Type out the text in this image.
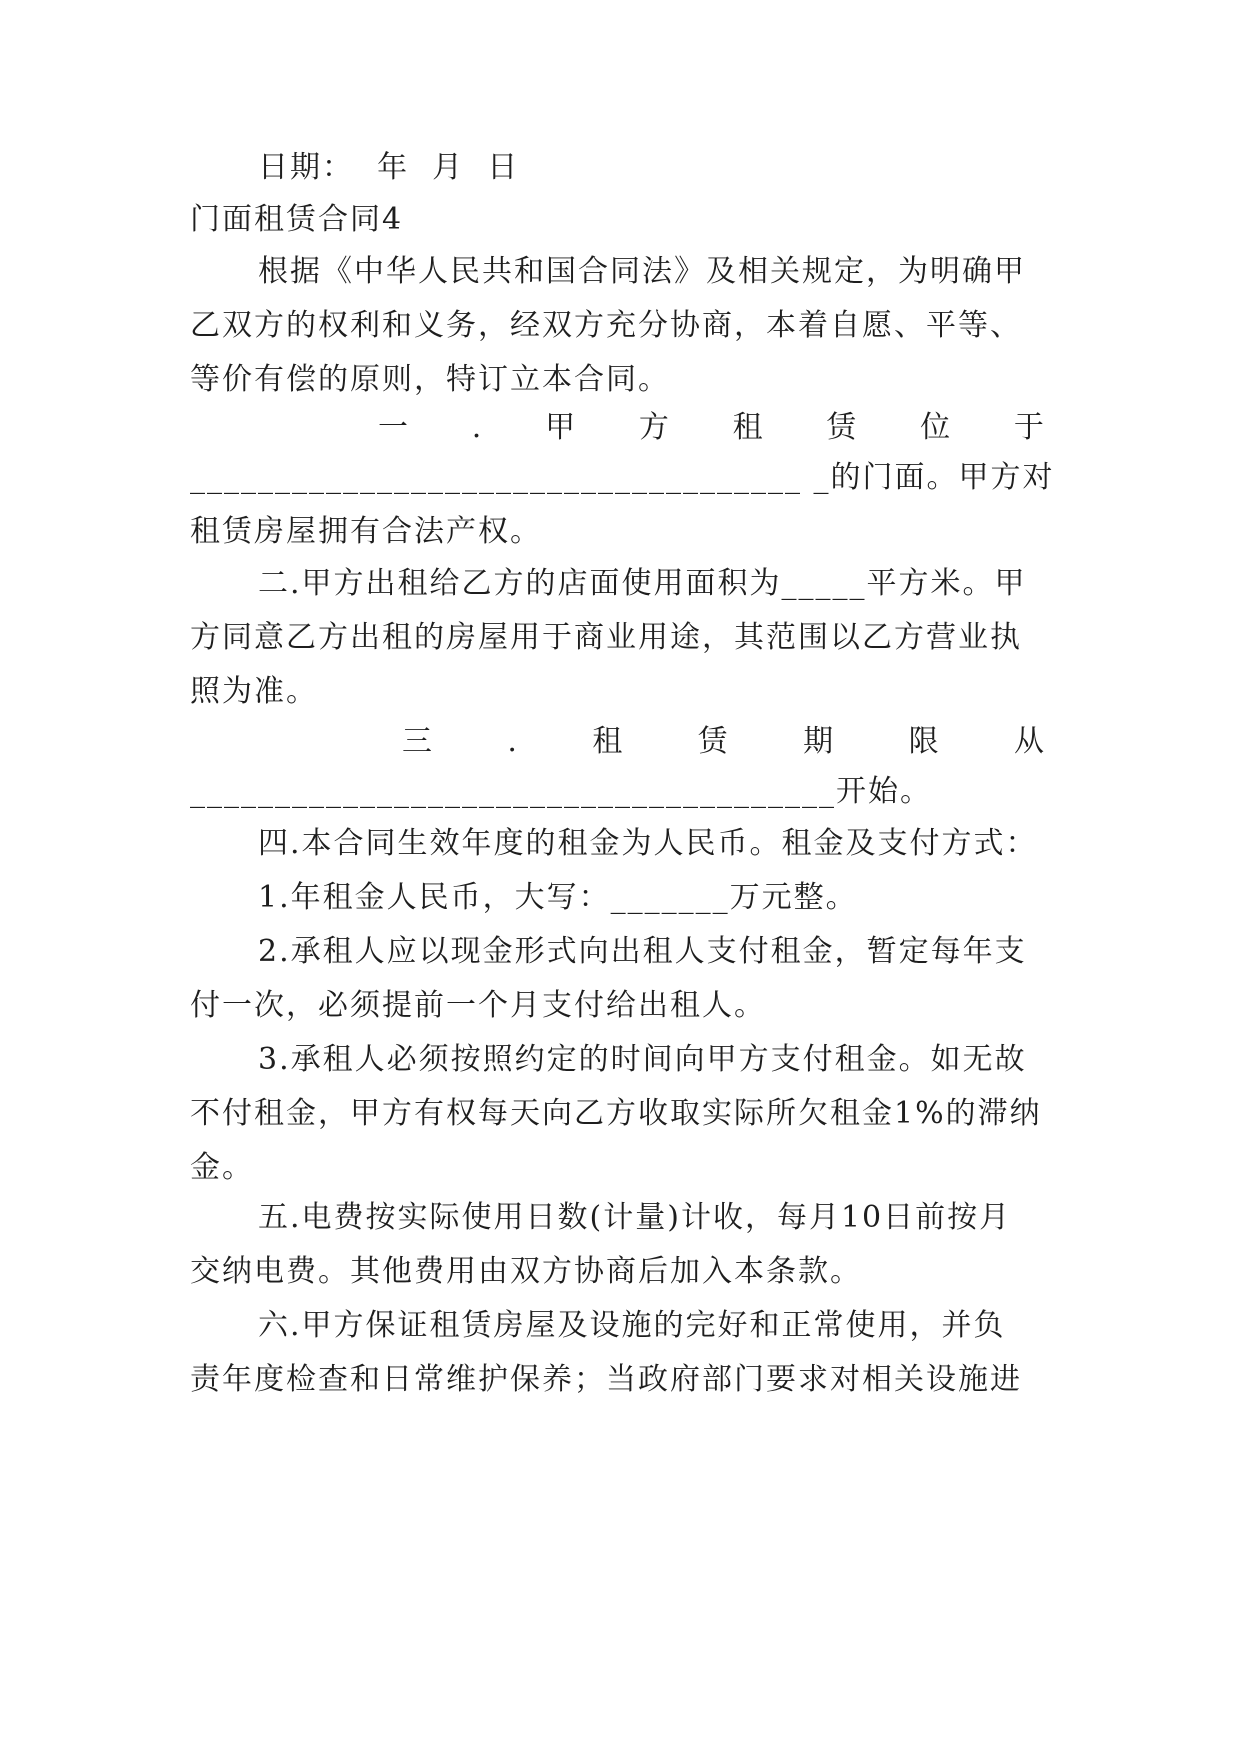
日期：  年  月  日
门面租赁合同4
根据《中华人民共和国合同法》及相关规定，为明确甲
乙双方的权利和义务，经双方充分协商，本着自愿、平等、
等价有偿的原则，特订立本合同。
一 . 甲 方 租 赁 位 于
____________________________________ _的门面。甲方对
租赁房屋拥有合法产权。
二.甲方出租给乙方的店面使用面积为_____平方米。甲
方同意乙方出租的房屋用于商业用途，其范围以乙方营业执
照为准。
三	.	租	赁	期	限	从
______________________________________开始。
四.本合同生效年度的租金为人民币。租金及支付方式：
1.年租金人民币，大写：_______万元整。
2.承租人应以现金形式向出租人支付租金，暂定每年支
付一次，必须提前一个月支付给出租人。
3.承租人必须按照约定的时间向甲方支付租金。如无故
不付租金，甲方有权每天向乙方收取实际所欠租金1%的滞纳
金。
五.电费按实际使用日数(计量)计收，每月10日前按月
交纳电费。其他费用由双方协商后加入本条款。
六.甲方保证租赁房屋及设施的完好和正常使用，并负
责年度检查和日常维护保养；当政府部门要求对相关设施进
